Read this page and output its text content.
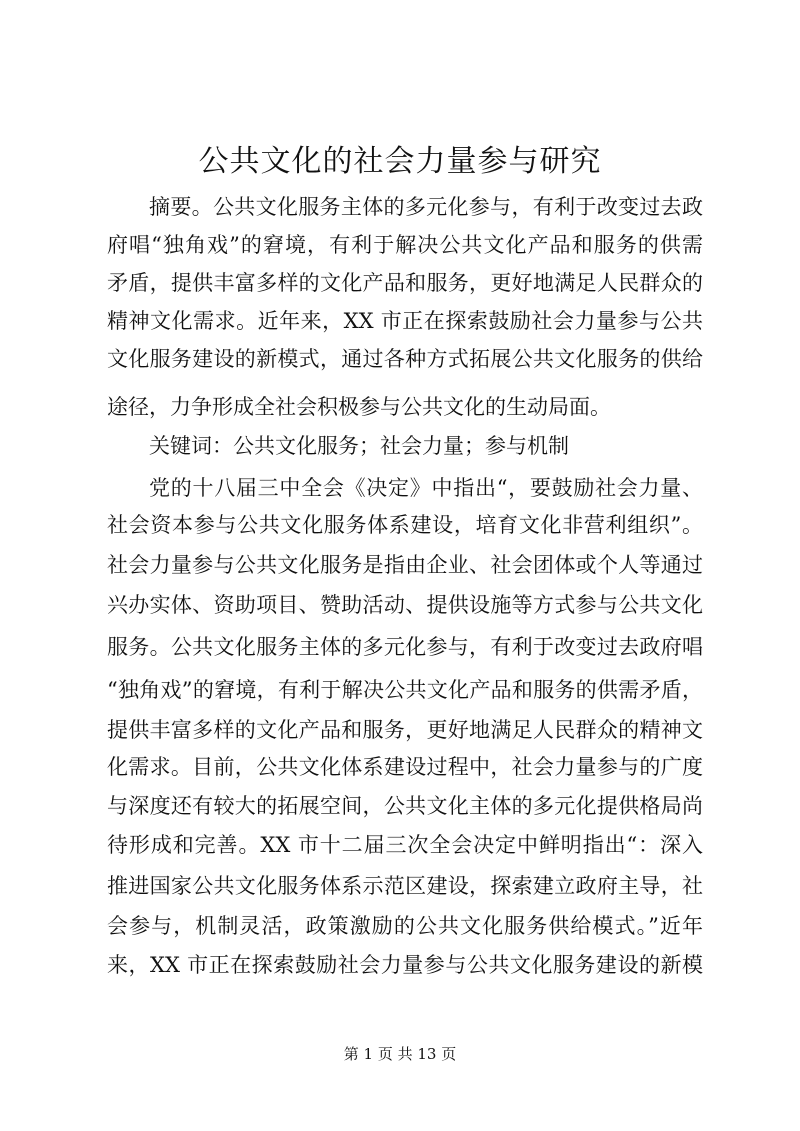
公共文化的社会力量参与研究
摘要。公共文化服务主体的多元化参与，有利于改变过去政
府唱“独角戏”的窘境，有利于解决公共文化产品和服务的供需
矛盾，提供丰富多样的文化产品和服务，更好地满足人民群众的
精神文化需求。近年来，XX 市正在探索鼓励社会力量参与公共
文化服务建设的新模式，通过各种方式拓展公共文化服务的供给
途径，力争形成全社会积极参与公共文化的生动局面。
关键词：公共文化服务；社会力量；参与机制
党的十八届三中全会《决定》中指出“，要鼓励社会力量、
社会资本参与公共文化服务体系建设，培育文化非营利组织”。
社会力量参与公共文化服务是指由企业、社会团体或个人等通过
兴办实体、资助项目、赞助活动、提供设施等方式参与公共文化
服务。公共文化服务主体的多元化参与，有利于改变过去政府唱
“独角戏”的窘境，有利于解决公共文化产品和服务的供需矛盾，
提供丰富多样的文化产品和服务，更好地满足人民群众的精神文
化需求。目前，公共文化体系建设过程中，社会力量参与的广度
与深度还有较大的拓展空间，公共文化主体的多元化提供格局尚
待形成和完善。XX 市十二届三次全会决定中鲜明指出“：深入
推进国家公共文化服务体系示范区建设，探索建立政府主导，社
会参与，机制灵活，政策激励的公共文化服务供给模式。”近年
来，XX 市正在探索鼓励社会力量参与公共文化服务建设的新模
第 1 页 共 13 页
